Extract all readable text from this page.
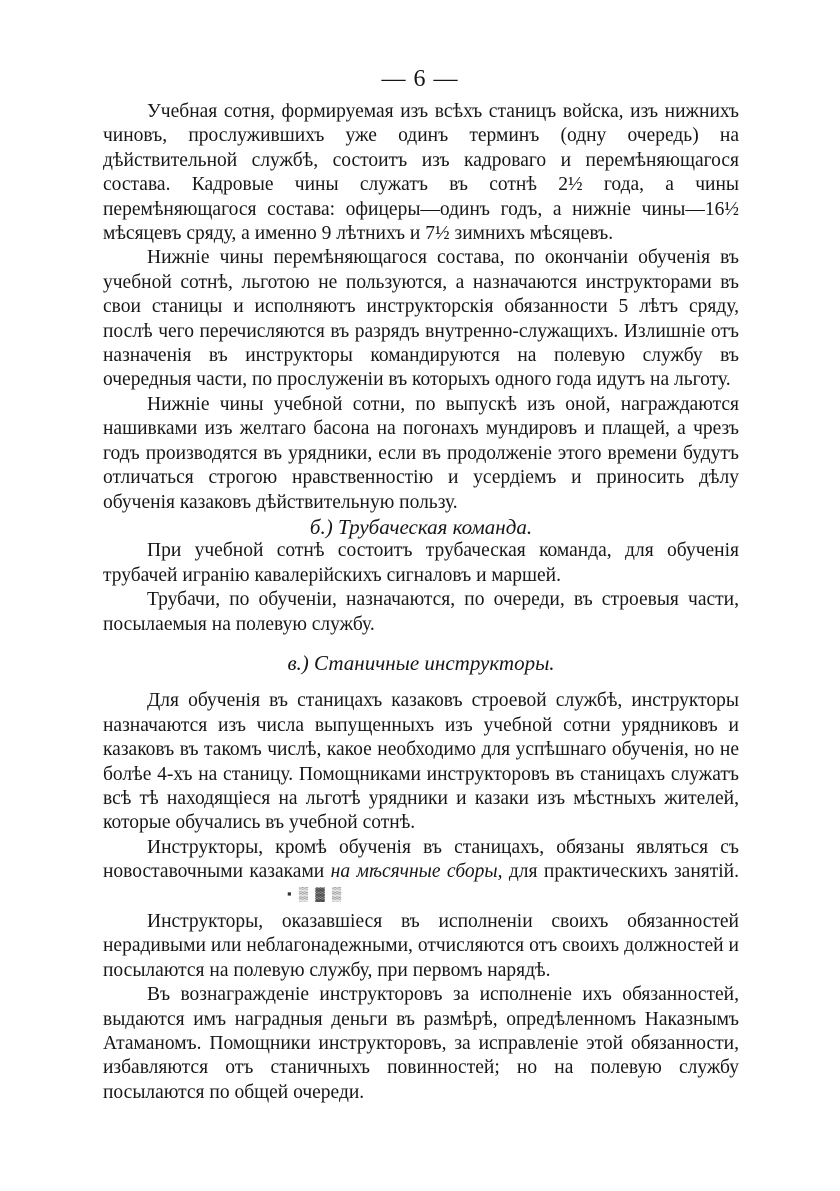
— 6 —

Учебная сотня, формируемая изъ всѣхъ станицъ войска, изъ нижнихъ чиновъ, прослужившихъ уже одинъ терминъ (одну очередь) на дѣйствительной службѣ, состоитъ изъ кадроваго и перемѣняющагося состава. Кадровые чины служатъ въ сотнѣ 2½ года, а чины перемѣняющагося состава: офицеры—одинъ годъ, а нижніе чины—16½ мѣсяцевъ сряду, а именно 9 лѣтнихъ и 7½ зимнихъ мѣсяцевъ.

Нижніе чины перемѣняющагося состава, по окончаніи обученія въ учебной сотнѣ, льготою не пользуются, а назначаются инструкторами въ свои станицы и исполняютъ инструкторскія обязанности 5 лѣтъ сряду, послѣ чего перечисляются въ разрядъ внутренно-служащихъ. Излишніе отъ назначенія въ инструкторы командируются на полевую службу въ очередныя части, по прослуженіи въ которыхъ одного года идутъ на льготу.

Нижніе чины учебной сотни, по выпускѣ изъ оной, награждаются нашивками изъ желтаго басона на погонахъ мундировъ и плащей, а чрезъ годъ производятся въ урядники, если въ продолженіе этого времени будутъ отличаться строгою нравственностію и усердіемъ и приносить дѣлу обученія казаковъ дѣйствительную пользу.

б.) Трубаческая команда.

При учебной сотнѣ состоитъ трубаческая команда, для обученія трубачей игранію кавалерійскихъ сигналовъ и маршей.

Трубачи, по обученіи, назначаются, по очереди, въ строевыя части, посылаемыя на полевую службу.

в.) Станичные инструкторы.

Для обученія въ станицахъ казаковъ строевой службѣ, инструкторы назначаются изъ числа выпущенныхъ изъ учебной сотни урядниковъ и казаковъ въ такомъ числѣ, какое необходимо для успѣшнаго обученія, но не болѣе 4-хъ на станицу. Помощниками инструкторовъ въ станицахъ служатъ всѣ тѣ находящіеся на льготѣ урядники и казаки изъ мѣстныхъ жителей, которые обучались въ учебной сотнѣ.

Инструкторы, кромѣ обученія въ станицахъ, обязаны являться съ новоставочными казаками на мѣсячные сборы, для практическихъ занятій.▪ ▒ ▓ ▒

Инструкторы, оказавшіеся въ исполненіи своихъ обязанностей нерадивыми или неблагонадежными, отчисляются отъ своихъ должностей и посылаются на полевую службу, при первомъ нарядѣ.

Въ вознагражденіе инструкторовъ за исполненіе ихъ обязанностей, выдаются имъ наградныя деньги въ размѣрѣ, опредѣленномъ Наказнымъ Атаманомъ. Помощники инструкторовъ, за исправленіе этой обязанности, избавляются отъ станичныхъ повинностей; но на полевую службу посылаются по общей очереди.
